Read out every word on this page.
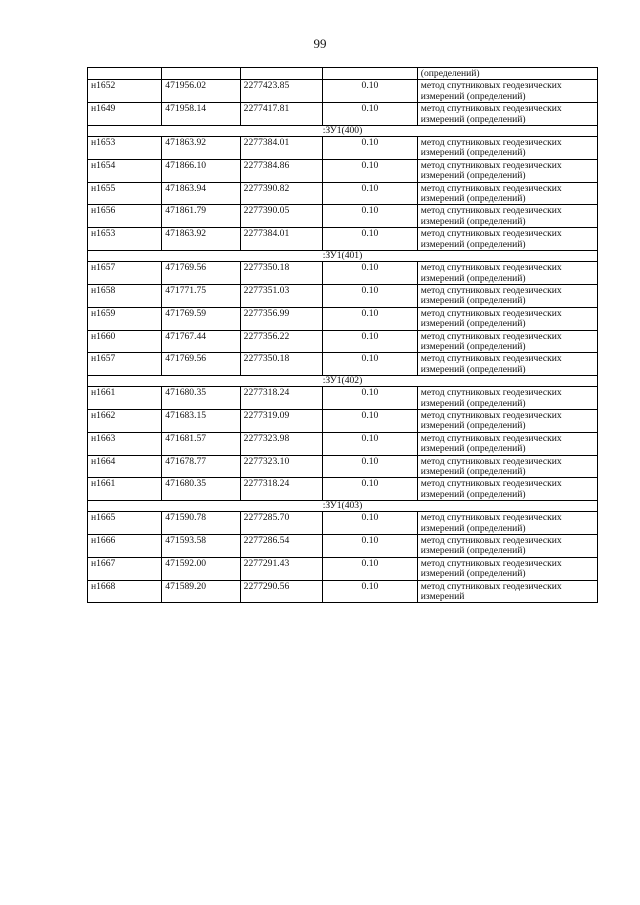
99
				(определений)
н1652	471956.02	2277423.85	0.10	метод спутниковых геодезических измерений (определений)
н1649	471958.14	2277417.81	0.10	метод спутниковых геодезических измерений (определений)
:ЗУ1(400)				
н1653	471863.92	2277384.01	0.10	метод спутниковых геодезических измерений (определений)
н1654	471866.10	2277384.86	0.10	метод спутниковых геодезических измерений (определений)
н1655	471863.94	2277390.82	0.10	метод спутниковых геодезических измерений (определений)
н1656	471861.79	2277390.05	0.10	метод спутниковых геодезических измерений (определений)
н1653	471863.92	2277384.01	0.10	метод спутниковых геодезических измерений (определений)
:ЗУ1(401)				
н1657	471769.56	2277350.18	0.10	метод спутниковых геодезических измерений (определений)
н1658	471771.75	2277351.03	0.10	метод спутниковых геодезических измерений (определений)
н1659	471769.59	2277356.99	0.10	метод спутниковых геодезических измерений (определений)
н1660	471767.44	2277356.22	0.10	метод спутниковых геодезических измерений (определений)
н1657	471769.56	2277350.18	0.10	метод спутниковых геодезических измерений (определений)
:ЗУ1(402)				
н1661	471680.35	2277318.24	0.10	метод спутниковых геодезических измерений (определений)
н1662	471683.15	2277319.09	0.10	метод спутниковых геодезических измерений (определений)
н1663	471681.57	2277323.98	0.10	метод спутниковых геодезических измерений (определений)
н1664	471678.77	2277323.10	0.10	метод спутниковых геодезических измерений (определений)
н1661	471680.35	2277318.24	0.10	метод спутниковых геодезических измерений (определений)
:ЗУ1(403)				
н1665	471590.78	2277285.70	0.10	метод спутниковых геодезических измерений (определений)
н1666	471593.58	2277286.54	0.10	метод спутниковых геодезических измерений (определений)
н1667	471592.00	2277291.43	0.10	метод спутниковых геодезических измерений (определений)
н1668	471589.20	2277290.56	0.10	метод спутниковых геодезических измерений
